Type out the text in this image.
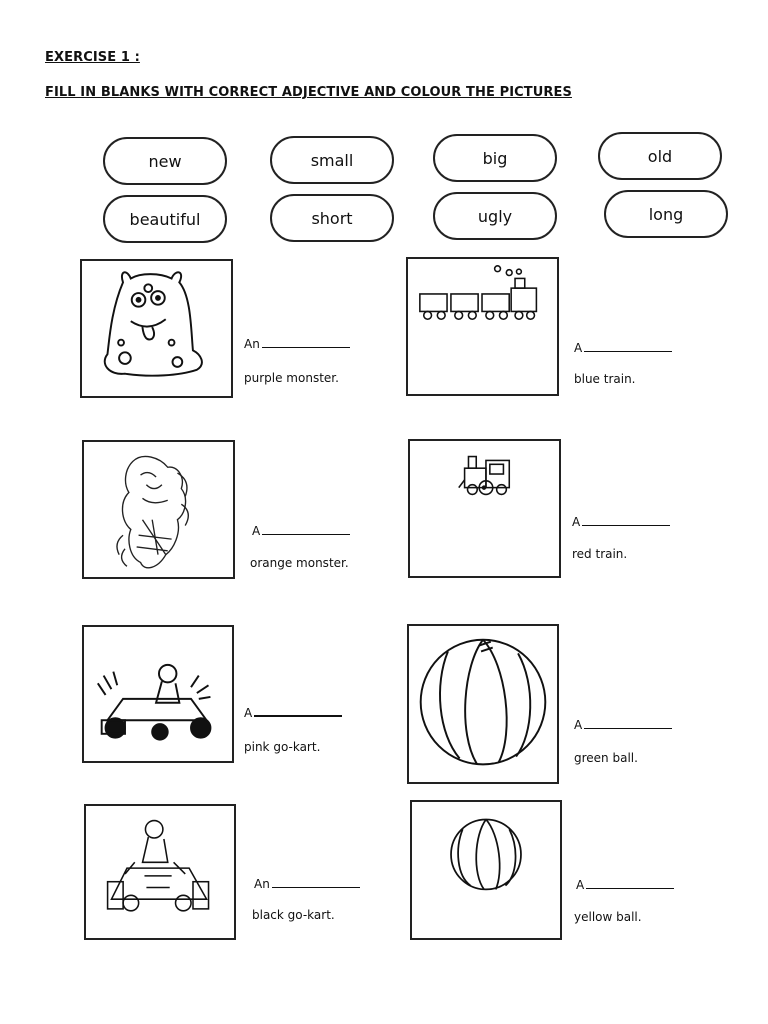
EXERCISE 1 :
FILL IN BLANKS WITH CORRECT ADJECTIVE AND COLOUR THE PICTURES
new	small	big	old
beautiful	short	ugly	long
An
purple monster.
A
blue train.
A
orange monster.
A
red train.
A
pink go-kart.
A
green ball.
An
black go-kart.
A
yellow ball.
